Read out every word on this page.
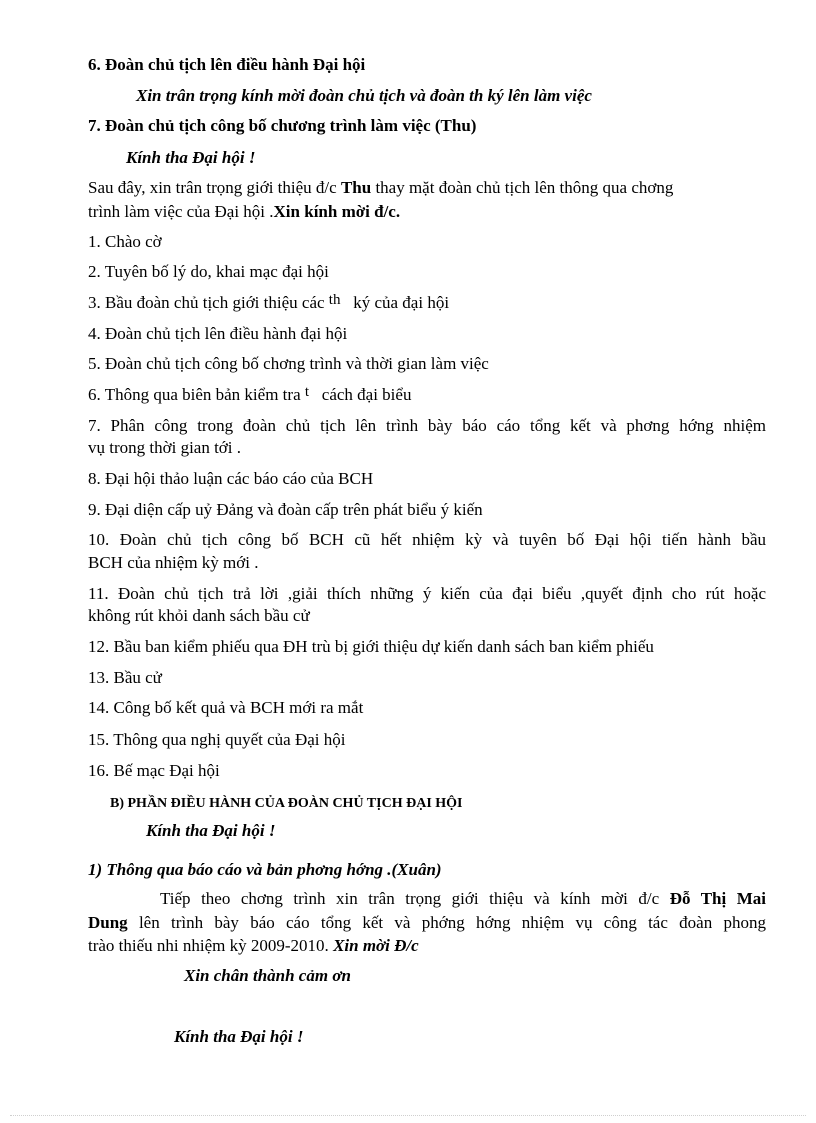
6. Đoàn chủ tịch lên điều hành Đại hội
Xin trân trọng kính mời đoàn chủ tịch và đoàn th ký lên làm việc
7. Đoàn chủ tịch công bố chương trình làm việc (Thu)
Kính tha Đại hội !
Sau đây, xin trân trọng giới thiệu đ/c Thu thay mặt đoàn chủ tịch lên thông qua chơng
trình làm việc của Đại hội .Xin kính mời đ/c.
1. Chào cờ
2. Tuyên bố lý do, khai mạc đại hội
3. Bầu đoàn chủ tịch giới thiệu các th ký của đại hội
4. Đoàn chủ tịch lên điều hành đại hội
5. Đoàn chủ tịch công bố chơng trình và thời gian làm việc
6. Thông qua biên bản kiểm tra t cách đại biểu
7. Phân công trong đoàn chủ tịch lên trình bày báo cáo tổng kết và phơng hớng nhiệm
vụ trong thời gian tới .
8. Đại hội thảo luận các báo cáo của BCH
9. Đại diện cấp uỷ Đảng và đoàn cấp trên phát biểu ý kiến
10. Đoàn chủ tịch công bố BCH cũ hết nhiệm kỳ và tuyên bố Đại hội tiến hành bầu
BCH của nhiệm kỳ mới .
11. Đoàn chủ tịch trả lời ,giải thích những ý kiến của đại biểu ,quyết định cho rút hoặc
không rút khỏi danh sách bầu cử
12. Bầu ban kiểm phiếu qua ĐH trù bị giới thiệu dự kiến danh sách ban kiểm phiếu
13. Bầu cử
14. Công bố kết quả và BCH mới ra mắt
15. Thông qua nghị quyết của Đại hội
16. Bế mạc Đại hội
B) PHẦN ĐIỀU HÀNH CỦA ĐOÀN CHỦ TỊCH ĐẠI HỘI
Kính tha Đại hội !
1) Thông qua báo cáo và bản phơng hớng .(Xuân)
Tiếp theo chơng trình xin trân trọng giới thiệu và kính mời đ/c Đỗ Thị Mai
Dung lên trình bày báo cáo tổng kết và phớng hớng nhiệm vụ công tác đoàn phong
trào thiếu nhi nhiệm kỳ 2009-2010. Xin mời Đ/c
Xin chân thành cảm ơn
Kính tha Đại hội !
